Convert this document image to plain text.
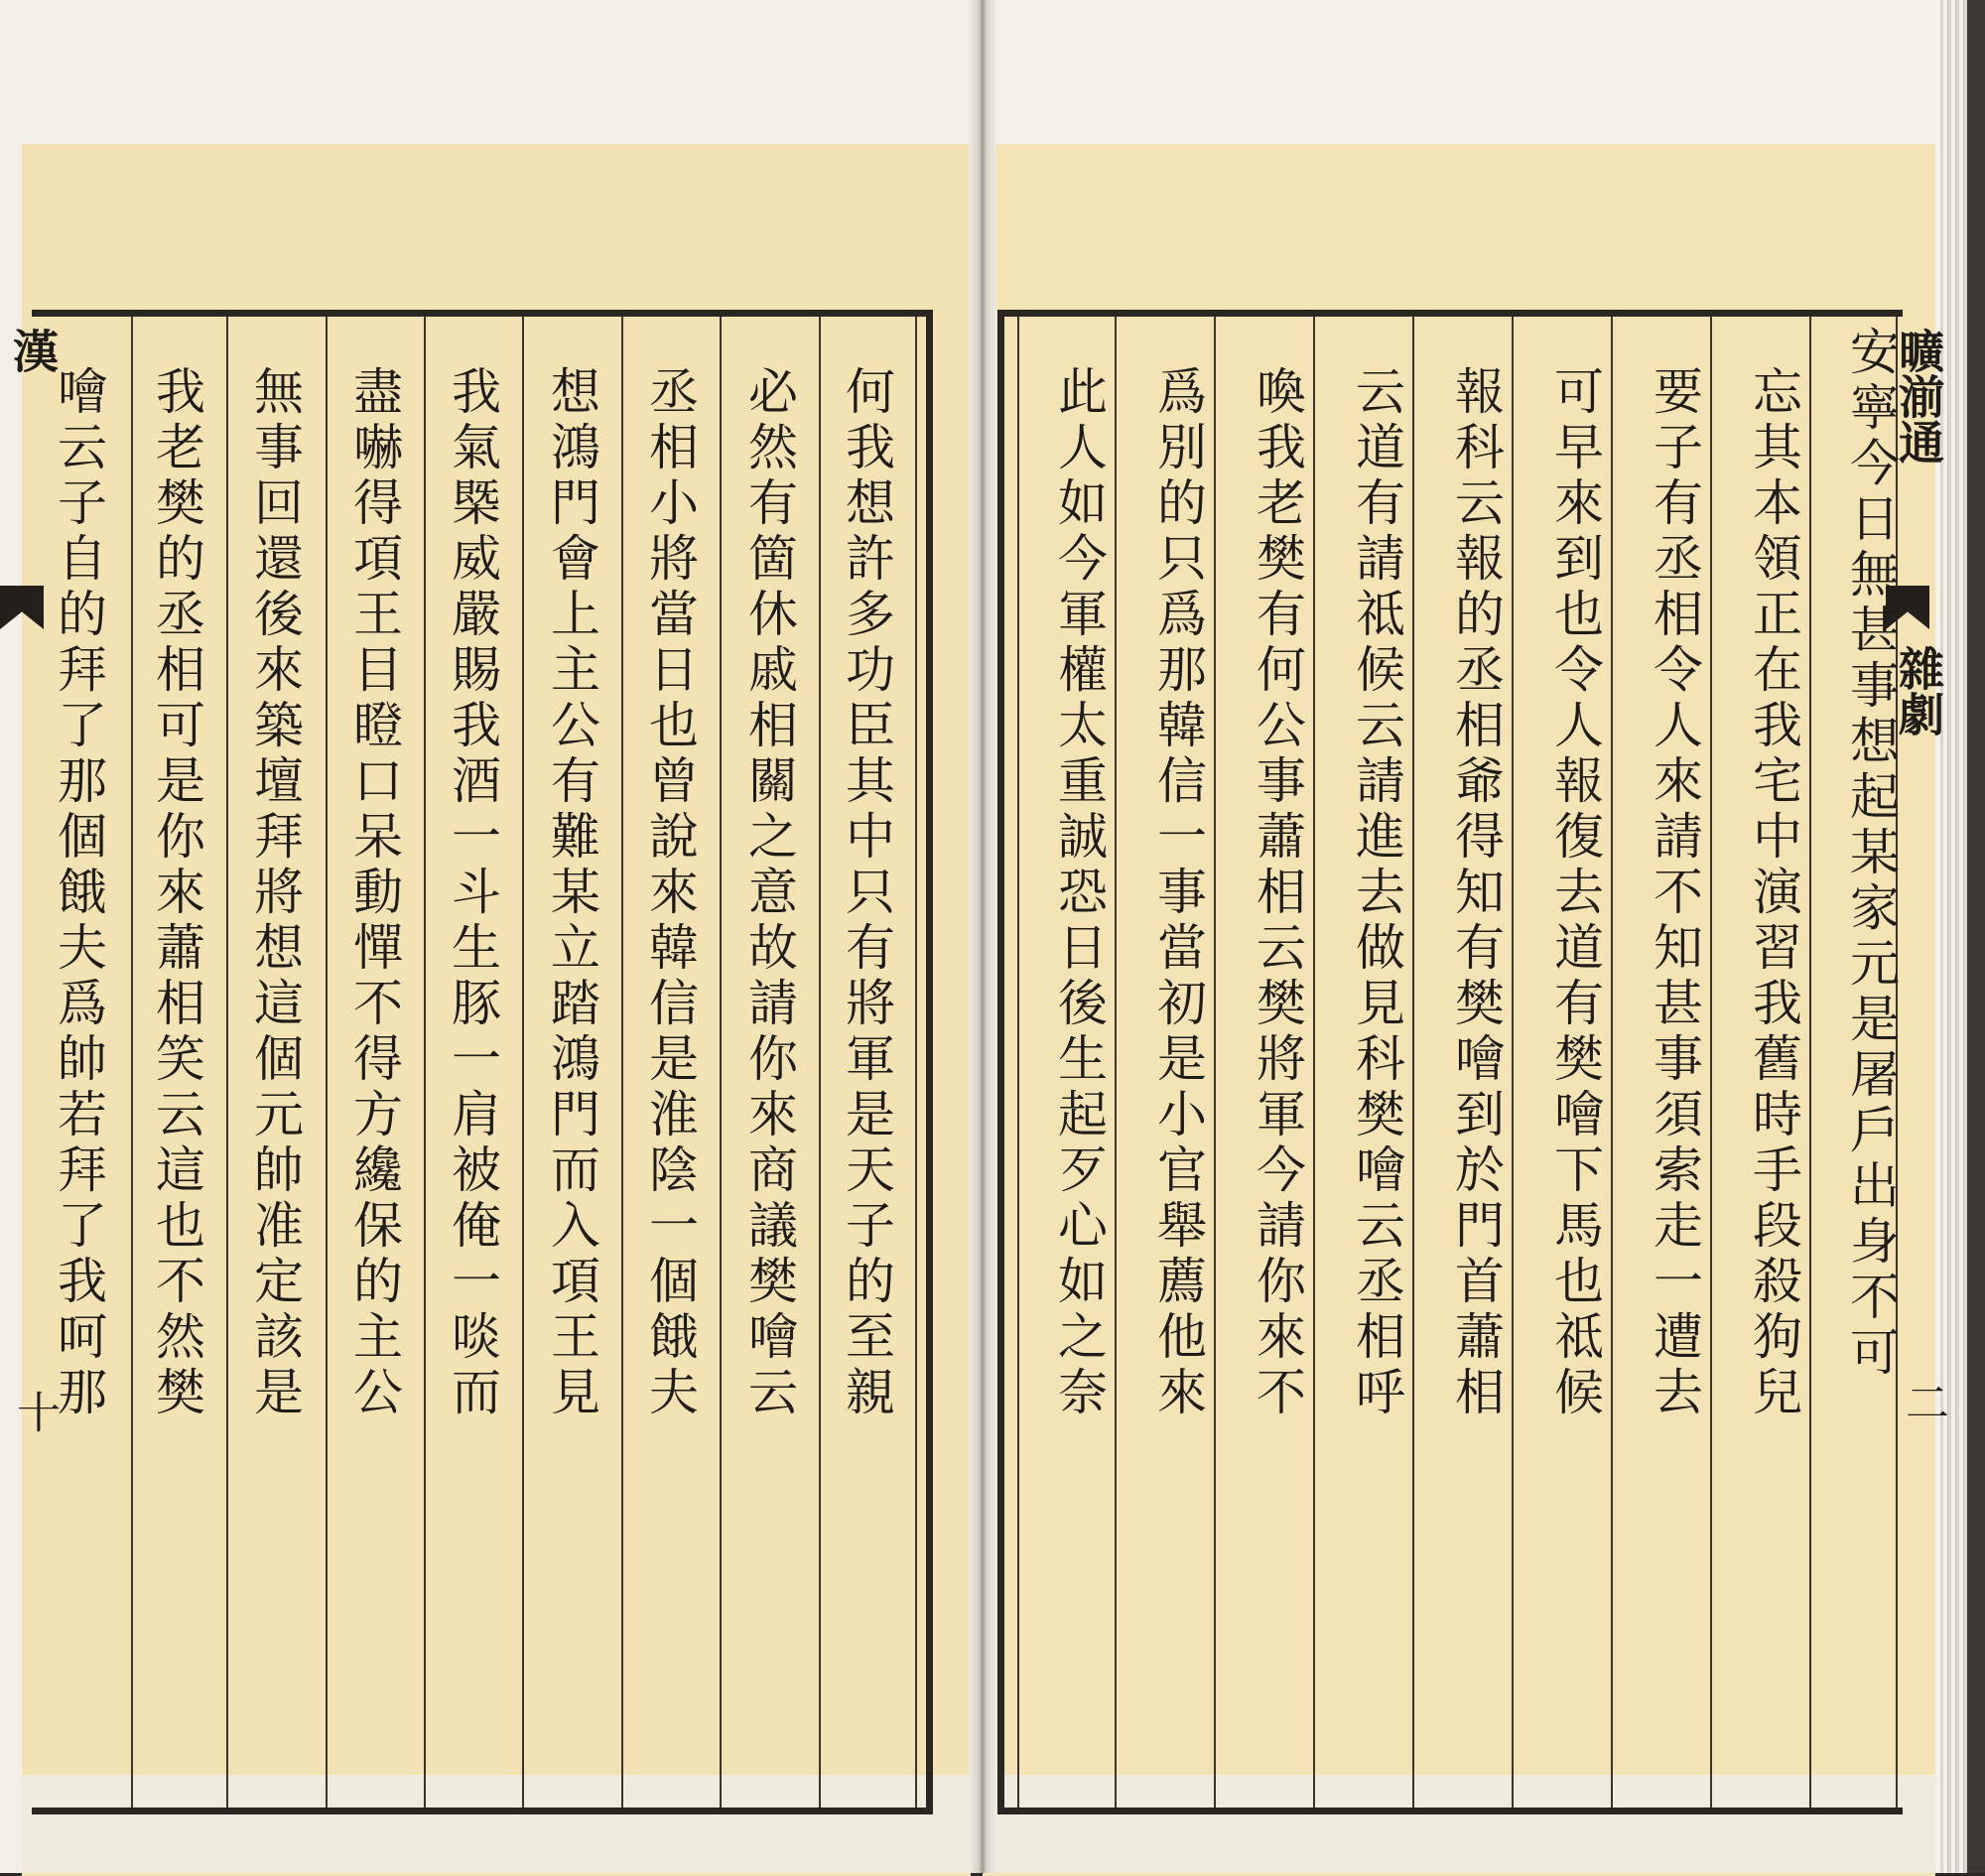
曠湔通
雜劇
二
安寧今日無甚事想起某家元是屠戶出身不可
忘其本領正在我宅中演習我舊時手段殺狗兒
要子有丞相令人來請不知甚事須索走一遭去
可早來到也令人報復去道有樊噲下馬也祗候
報科云報的丞相爺得知有樊噲到於門首蕭相
云道有請祗候云請進去做見科樊噲云丞相呼
喚我老樊有何公事蕭相云樊將軍今請你來不
爲別的只爲那韓信一事當初是小官舉薦他來
此人如今軍權太重誠恐日後生起歹心如之奈
何我想許多功臣其中只有將軍是天子的至親
必然有箇休戚相關之意故請你來商議樊噲云
丞相小將當日也曾說來韓信是淮陰一個餓夫
想鴻門會上主公有難某立踏鴻門而入項王見
我氣槩威嚴賜我酒一斗生豚一肩被俺一啖而
盡嚇得項王目瞪口呆動憚不得方纔保的主公
無事回還後來築壇拜將想這個元帥准定該是
我老樊的丞相可是你來蕭相笑云這也不然樊
噲云子自的拜了那個餓夫爲帥若拜了我呵那
漢
十
